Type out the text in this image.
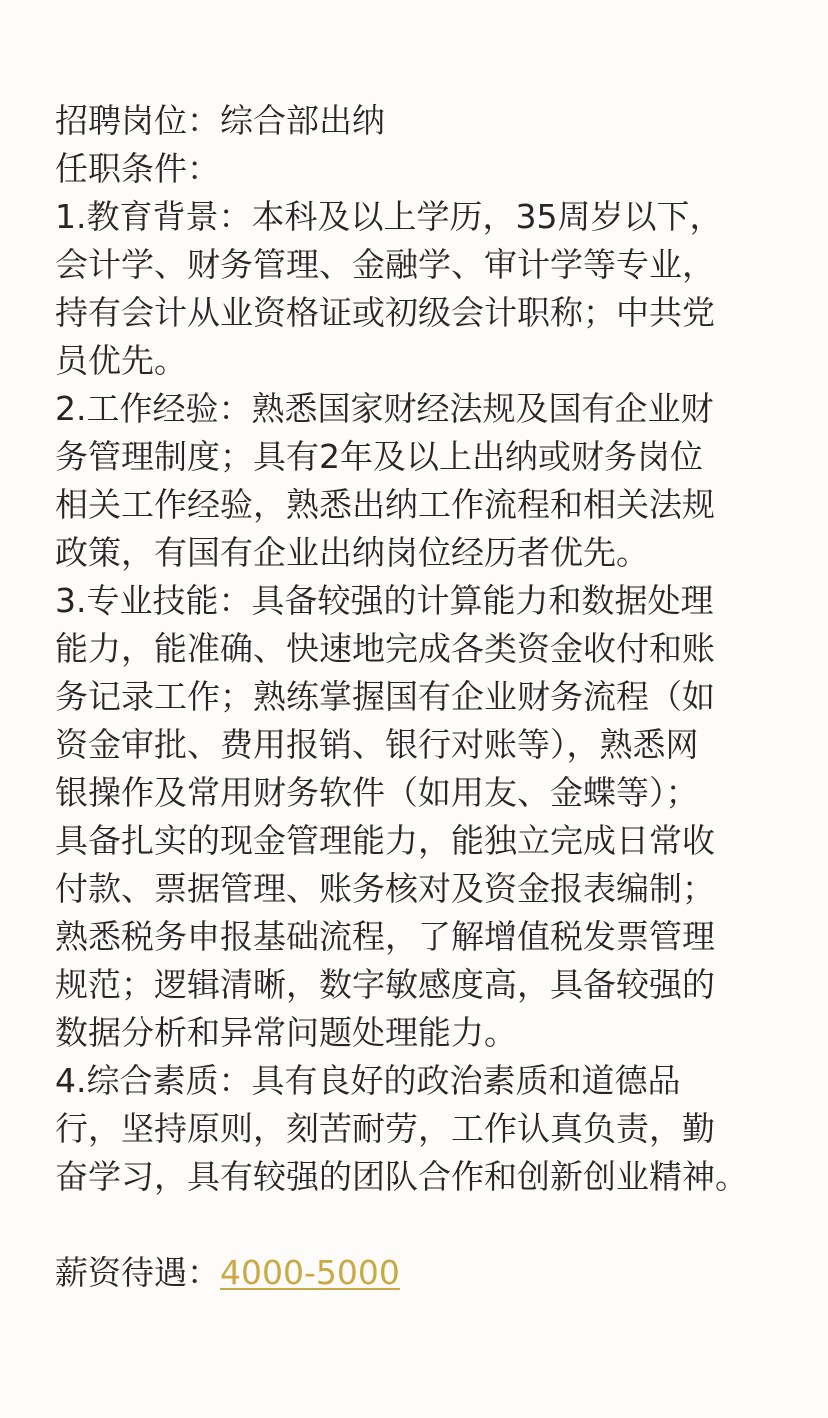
招聘岗位：综合部出纳
任职条件：
1.教育背景：本科及以上学历，35周岁以下，
会计学、财务管理、金融学、审计学等专业，
持有会计从业资格证或初级会计职称；中共党
员优先。
2.工作经验：熟悉国家财经法规及国有企业财
务管理制度；具有2年及以上出纳或财务岗位
相关工作经验，熟悉出纳工作流程和相关法规
政策，有国有企业出纳岗位经历者优先。
3.专业技能：具备较强的计算能力和数据处理
能力，能准确、快速地完成各类资金收付和账
务记录工作；熟练掌握国有企业财务流程（如
资金审批、费用报销、银行对账等），熟悉网
银操作及常用财务软件（如用友、金蝶等）；
具备扎实的现金管理能力，能独立完成日常收
付款、票据管理、账务核对及资金报表编制；
熟悉税务申报基础流程，了解增值税发票管理
规范；逻辑清晰，数字敏感度高，具备较强的
数据分析和异常问题处理能力。
4.综合素质：具有良好的政治素质和道德品
行，坚持原则，刻苦耐劳，工作认真负责，勤
奋学习，具有较强的团队合作和创新创业精神。
薪资待遇：4000-5000
